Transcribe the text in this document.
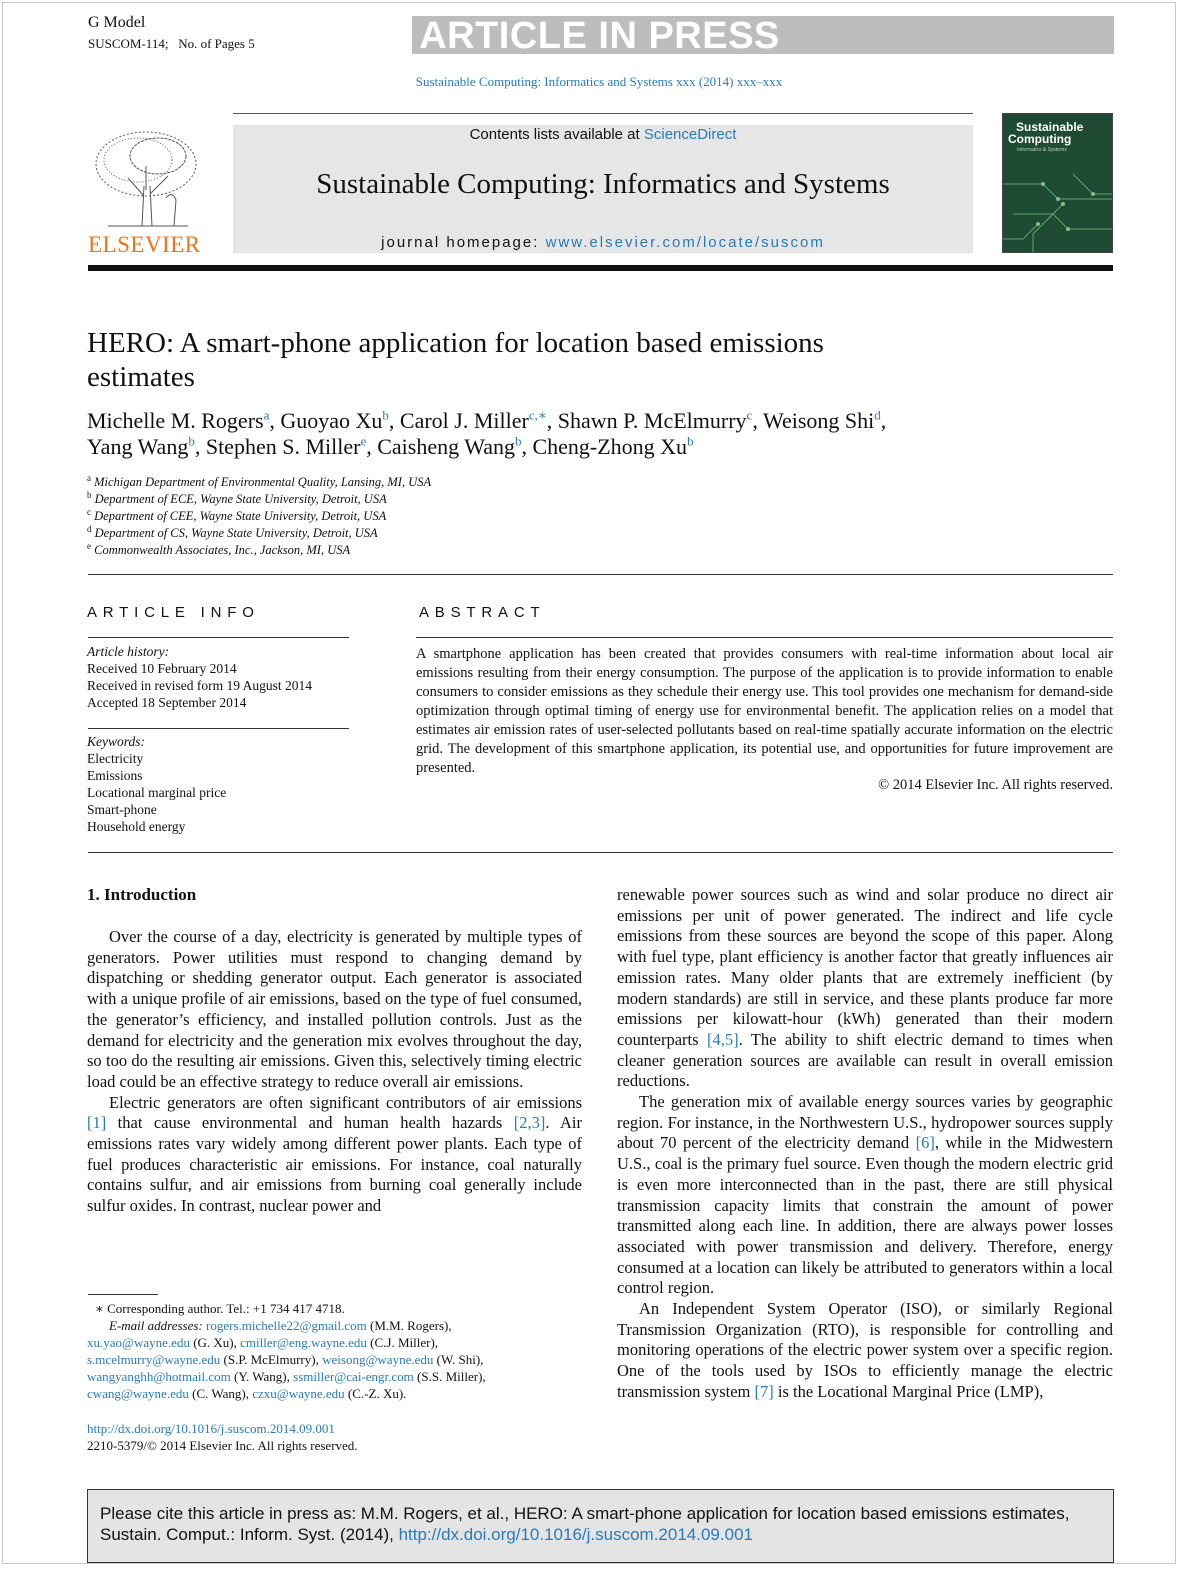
G Model
SUSCOM-114; No. of Pages 5	ARTICLE IN PRESS
Sustainable Computing: Informatics and Systems xxx (2014) xxx–xxx
Contents lists available at ScienceDirect
Sustainable Computing: Informatics and Systems
journal homepage: www.elsevier.com/locate/suscom
ELSEVIER
Sustainable
Computing
Informatics & Systems
HERO: A smart-phone application for location based emissions
estimates
Michelle M. Rogers$^a$, Guoyao Xu$^b$, Carol J. Miller$^{c,∗}$, Shawn P. McElmurry$^c$, Weisong Shi$^d$,
Yang Wang$^b$, Stephen S. Miller$^e$, Caisheng Wang$^b$, Cheng-Zhong Xu$^b$
$^a$ Michigan Department of Environmental Quality, Lansing, MI, USA
$^b$ Department of ECE, Wayne State University, Detroit, USA
$^c$ Department of CEE, Wayne State University, Detroit, USA
$^d$ Department of CS, Wayne State University, Detroit, USA
$^e$ Commonwealth Associates, Inc., Jackson, MI, USA
ARTICLE INFO	ABSTRACT
Article history:
Received 10 February 2014
Received in revised form 19 August 2014
Accepted 18 September 2014
Keywords:
Electricity
Emissions
Locational marginal price
Smart-phone
Household energy
A smartphone application has been created that provides consumers with real-time information about local air emissions resulting from their energy consumption. The purpose of the application is to provide information to enable consumers to consider emissions as they schedule their energy use. This tool provides one mechanism for demand-side optimization through optimal timing of energy use for environmental benefit. The application relies on a model that estimates air emission rates of user-selected pollutants based on real-time spatially accurate information on the electric grid. The development of this smartphone application, its potential use, and opportunities for future improvement are presented.
© 2014 Elsevier Inc. All rights reserved.
1. Introduction

Over the course of a day, electricity is generated by multiple types of generators. Power utilities must respond to changing demand by dispatching or shedding generator output. Each generator is associated with a unique profile of air emissions, based on the type of fuel consumed, the generator’s efficiency, and installed pollution controls. Just as the demand for electricity and the generation mix evolves throughout the day, so too do the resulting air emissions. Given this, selectively timing electric load could be an effective strategy to reduce overall air emissions.

Electric generators are often significant contributors of air emissions [1] that cause environmental and human health hazards [2,3]. Air emissions rates vary widely among different power plants. Each type of fuel produces characteristic air emissions. For instance, coal naturally contains sulfur, and air emissions from burning coal generally include sulfur oxides. In contrast, nuclear power and

renewable power sources such as wind and solar produce no direct air emissions per unit of power generated. The indirect and life cycle emissions from these sources are beyond the scope of this paper. Along with fuel type, plant efficiency is another factor that greatly influences air emission rates. Many older plants that are extremely inefficient (by modern standards) are still in service, and these plants produce far more emissions per kilowatt-hour (kWh) generated than their modern counterparts [4,5]. The ability to shift electric demand to times when cleaner generation sources are available can result in overall emission reductions.

The generation mix of available energy sources varies by geographic region. For instance, in the Northwestern U.S., hydropower sources supply about 70 percent of the electricity demand [6], while in the Midwestern U.S., coal is the primary fuel source. Even though the modern electric grid is even more interconnected than in the past, there are still physical transmission capacity limits that constrain the amount of power transmitted along each line. In addition, there are always power losses associated with power transmission and delivery. Therefore, energy consumed at a location can likely be attributed to generators within a local control region.

An Independent System Operator (ISO), or similarly Regional Transmission Organization (RTO), is responsible for controlling and monitoring operations of the electric power system over a specific region. One of the tools used by ISOs to efficiently manage the electric transmission system [7] is the Locational Marginal Price (LMP),

∗ Corresponding author. Tel.: +1 734 417 4718.
E-mail addresses: rogers.michelle22@gmail.com (M.M. Rogers),
xu.yao@wayne.edu (G. Xu), cmiller@eng.wayne.edu (C.J. Miller),
s.mcelmurry@wayne.edu (S.P. McElmurry), weisong@wayne.edu (W. Shi),
wangyanghh@hotmail.com (Y. Wang), ssmiller@cai-engr.com (S.S. Miller),
cwang@wayne.edu (C. Wang), czxu@wayne.edu (C.-Z. Xu).
http://dx.doi.org/10.1016/j.suscom.2014.09.001
2210-5379/© 2014 Elsevier Inc. All rights reserved.
Please cite this article in press as: M.M. Rogers, et al., HERO: A smart-phone application for location based emissions estimates, Sustain. Comput.: Inform. Syst. (2014), http://dx.doi.org/10.1016/j.suscom.2014.09.001
